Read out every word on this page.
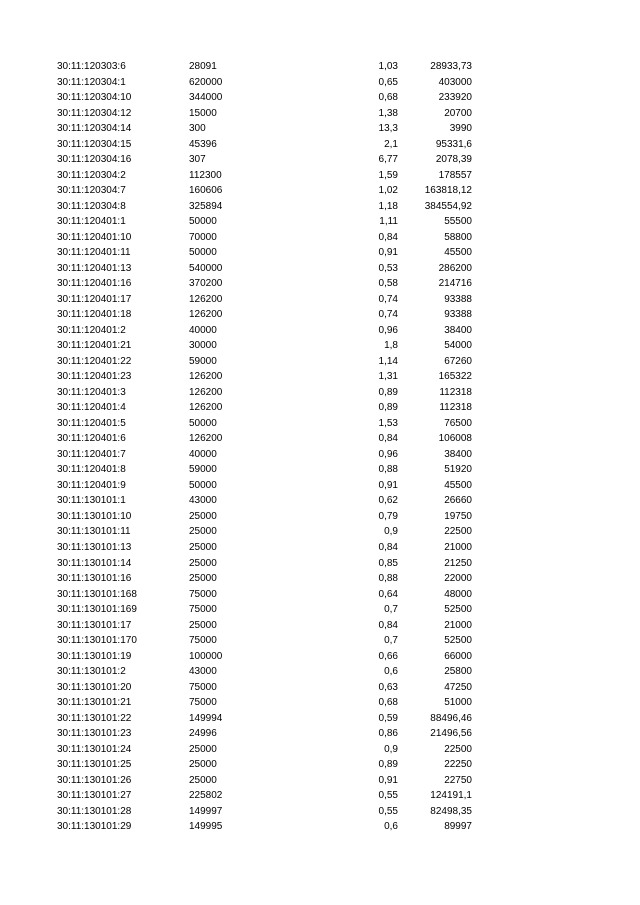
30:11:120303:6	28091	1,03	28933,73
30:11:120304:1	620000	0,65	403000
30:11:120304:10	344000	0,68	233920
30:11:120304:12	15000	1,38	20700
30:11:120304:14	300	13,3	3990
30:11:120304:15	45396	2,1	95331,6
30:11:120304:16	307	6,77	2078,39
30:11:120304:2	112300	1,59	178557
30:11:120304:7	160606	1,02	163818,12
30:11:120304:8	325894	1,18	384554,92
30:11:120401:1	50000	1,11	55500
30:11:120401:10	70000	0,84	58800
30:11:120401:11	50000	0,91	45500
30:11:120401:13	540000	0,53	286200
30:11:120401:16	370200	0,58	214716
30:11:120401:17	126200	0,74	93388
30:11:120401:18	126200	0,74	93388
30:11:120401:2	40000	0,96	38400
30:11:120401:21	30000	1,8	54000
30:11:120401:22	59000	1,14	67260
30:11:120401:23	126200	1,31	165322
30:11:120401:3	126200	0,89	112318
30:11:120401:4	126200	0,89	112318
30:11:120401:5	50000	1,53	76500
30:11:120401:6	126200	0,84	106008
30:11:120401:7	40000	0,96	38400
30:11:120401:8	59000	0,88	51920
30:11:120401:9	50000	0,91	45500
30:11:130101:1	43000	0,62	26660
30:11:130101:10	25000	0,79	19750
30:11:130101:11	25000	0,9	22500
30:11:130101:13	25000	0,84	21000
30:11:130101:14	25000	0,85	21250
30:11:130101:16	25000	0,88	22000
30:11:130101:168	75000	0,64	48000
30:11:130101:169	75000	0,7	52500
30:11:130101:17	25000	0,84	21000
30:11:130101:170	75000	0,7	52500
30:11:130101:19	100000	0,66	66000
30:11:130101:2	43000	0,6	25800
30:11:130101:20	75000	0,63	47250
30:11:130101:21	75000	0,68	51000
30:11:130101:22	149994	0,59	88496,46
30:11:130101:23	24996	0,86	21496,56
30:11:130101:24	25000	0,9	22500
30:11:130101:25	25000	0,89	22250
30:11:130101:26	25000	0,91	22750
30:11:130101:27	225802	0,55	124191,1
30:11:130101:28	149997	0,55	82498,35
30:11:130101:29	149995	0,6	89997
